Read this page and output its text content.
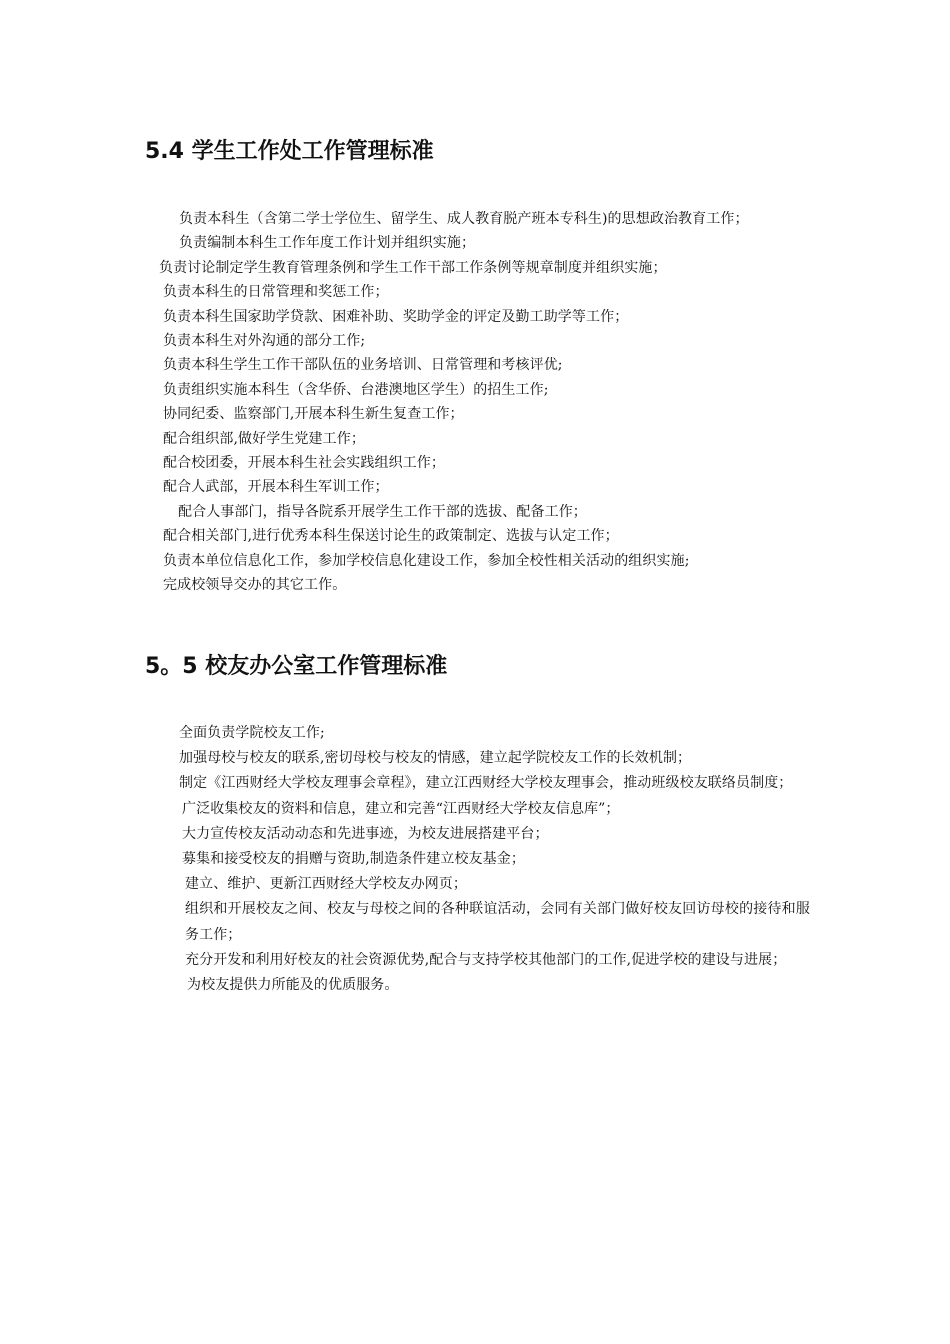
5.4 学生工作处工作管理标准
负责本科生（含第二学士学位生、留学生、成人教育脱产班本专科生)的思想政治教育工作；
负责编制本科生工作年度工作计划并组织实施；
负责讨论制定学生教育管理条例和学生工作干部工作条例等规章制度并组织实施；
负责本科生的日常管理和奖惩工作；
负责本科生国家助学贷款、困难补助、奖助学金的评定及勤工助学等工作；
负责本科生对外沟通的部分工作;
负责本科生学生工作干部队伍的业务培训、日常管理和考核评优;
负责组织实施本科生（含华侨、台港澳地区学生）的招生工作;
协同纪委、监察部门,开展本科生新生复查工作；
配合组织部,做好学生党建工作；
配合校团委，开展本科生社会实践组织工作；
配合人武部，开展本科生军训工作；
配合人事部门，指导各院系开展学生工作干部的选拔、配备工作；
配合相关部门,进行优秀本科生保送讨论生的政策制定、选拔与认定工作；
负责本单位信息化工作，参加学校信息化建设工作，参加全校性相关活动的组织实施;
完成校领导交办的其它工作。
5。5 校友办公室工作管理标准
全面负责学院校友工作;
加强母校与校友的联系,密切母校与校友的情感，建立起学院校友工作的长效机制；
制定《江西财经大学校友理事会章程》，建立江西财经大学校友理事会，推动班级校友联络员制度；
广泛收集校友的资料和信息，建立和完善“江西财经大学校友信息库”；
大力宣传校友活动动态和先进事迹，为校友进展搭建平台；
募集和接受校友的捐赠与资助,制造条件建立校友基金；
建立、维护、更新江西财经大学校友办网页；
组织和开展校友之间、校友与母校之间的各种联谊活动，会同有关部门做好校友回访母校的接待和服务工作；
充分开发和利用好校友的社会资源优势,配合与支持学校其他部门的工作,促进学校的建设与进展；
为校友提供力所能及的优质服务。
